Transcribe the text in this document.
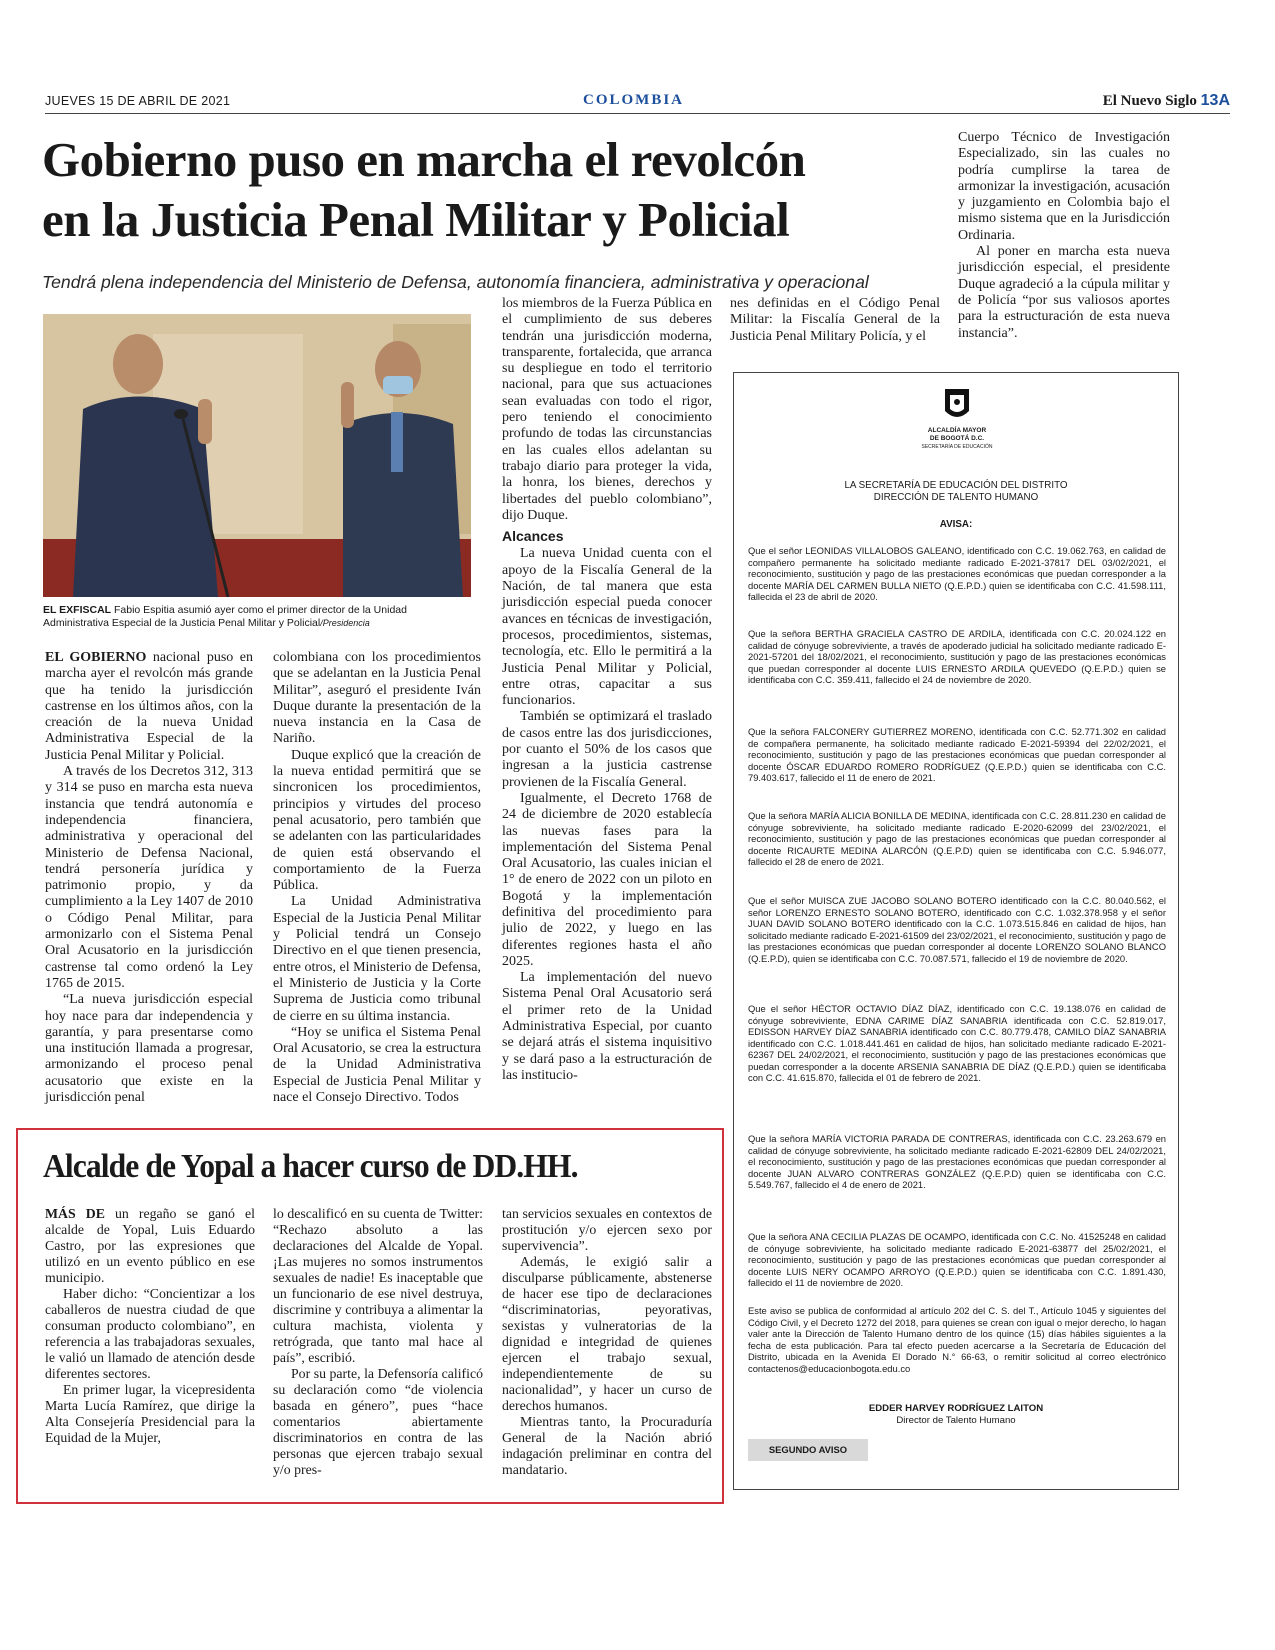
JUEVES 15 DE ABRIL DE 2021	COLOMBIA	El Nuevo Siglo 13A
Gobierno puso en marcha el revolcón
en la Justicia Penal Militar y Policial
Tendrá plena independencia del Ministerio de Defensa, autonomía financiera, administrativa y operacional
EL EXFISCAL Fabio Espitia asumió ayer como el primer director de la Unidad Administrativa Especial de la Justicia Penal Militar y Policial/Presidencia

EL GOBIERNO nacional puso en marcha ayer el revolcón más grande que ha tenido la jurisdicción castrense en los últimos años, con la creación de la nueva Unidad Administrativa Especial de la Justicia Penal Militar y Policial.

A través de los Decretos 312, 313 y 314 se puso en marcha esta nueva instancia que tendrá autonomía e independencia financiera, administrativa y operacional del Ministerio de Defensa Nacional, tendrá personería jurídica y patrimonio propio, y da cumplimiento a la Ley 1407 de 2010 o Código Penal Militar, para armonizarlo con el Sistema Penal Oral Acusatorio en la jurisdicción castrense tal como ordenó la Ley 1765 de 2015.

“La nueva jurisdicción especial hoy nace para dar independencia y garantía, y para presentarse como una institución llamada a progresar, armonizando el proceso penal acusatorio que existe en la jurisdicción penal

colombiana con los procedimientos que se adelantan en la Justicia Penal Militar”, aseguró el presidente Iván Duque durante la presentación de la nueva instancia en la Casa de Nariño.

Duque explicó que la creación de la nueva entidad permitirá que se sincronicen los procedimientos, principios y virtudes del proceso penal acusatorio, pero también que se adelanten con las particularidades de quien está observando el comportamiento de la Fuerza Pública.

La Unidad Administrativa Especial de la Justicia Penal Militar y Policial tendrá un Consejo Directivo en el que tienen presencia, entre otros, el Ministerio de Defensa, el Ministerio de Justicia y la Corte Suprema de Justicia como tribunal de cierre en su última instancia.

“Hoy se unifica el Sistema Penal Oral Acusatorio, se crea la estructura de la Unidad Administrativa Especial de Justicia Penal Militar y nace el Consejo Directivo. Todos

los miembros de la Fuerza Pública en el cumplimiento de sus deberes tendrán una jurisdicción moderna, transparente, fortalecida, que arranca su despliegue en todo el territorio nacional, para que sus actuaciones sean evaluadas con todo el rigor, pero teniendo el conocimiento profundo de todas las circunstancias en las cuales ellos adelantan su trabajo diario para proteger la vida, la honra, los bienes, derechos y libertades del pueblo colombiano”, dijo Duque.

Alcances

La nueva Unidad cuenta con el apoyo de la Fiscalía General de la Nación, de tal manera que esta jurisdicción especial pueda conocer avances en técnicas de investigación, procesos, procedimientos, sistemas, tecnología, etc. Ello le permitirá a la Justicia Penal Militar y Policial, entre otras, capacitar a sus funcionarios.

También se optimizará el traslado de casos entre las dos jurisdicciones, por cuanto el 50% de los casos que ingresan a la justicia castrense provienen de la Fiscalía General.

Igualmente, el Decreto 1768 de 24 de diciembre de 2020 establecía las nuevas fases para la implementación del Sistema Penal Oral Acusatorio, las cuales inician el 1° de enero de 2022 con un piloto en Bogotá y la implementación definitiva del procedimiento para julio de 2022, y luego en las diferentes regiones hasta el año 2025.

La implementación del nuevo Sistema Penal Oral Acusatorio será el primer reto de la Unidad Administrativa Especial, por cuanto se dejará atrás el sistema inquisitivo y se dará paso a la estructuración de las institucio-

nes definidas en el Código Penal Militar: la Fiscalía General de la Justicia Penal Military Policía, y el

Cuerpo Técnico de Investigación Especializado, sin las cuales no podría cumplirse la tarea de armonizar la investigación, acusación y juzgamiento en Colombia bajo el mismo sistema que en la Jurisdicción Ordinaria.

Al poner en marcha esta nueva jurisdicción especial, el presidente Duque agradeció a la cúpula militar y de Policía “por sus valiosos aportes para la estructuración de esta nueva instancia”.

ALCALDÍA MAYOR
DE BOGOTÁ D.C.
SECRETARÍA DE EDUCACIÓN
LA SECRETARÍA DE EDUCACIÓN DEL DISTRITO
DIRECCIÓN DE TALENTO HUMANO
AVISA:
Que el señor LEONIDAS VILLALOBOS GALEANO, identificado con C.C. 19.062.763, en calidad de compañero permanente ha solicitado mediante radicado E-2021-37817 DEL 03/02/2021, el reconocimiento, sustitución y pago de las prestaciones económicas que puedan corresponder a la docente MARÍA DEL CARMEN BULLA NIETO (Q.E.P.D.) quien se identificaba con C.C. 41.598.111, fallecida el 23 de abril de 2020.
Que la señora BERTHA GRACIELA CASTRO DE ARDILA, identificada con C.C. 20.024.122 en calidad de cónyuge sobreviviente, a través de apoderado judicial ha solicitado mediante radicado E-2021-57201 del 18/02/2021, el reconocimiento, sustitución y pago de las prestaciones económicas que puedan corresponder al docente LUIS ERNESTO ARDILA QUEVEDO (Q.E.P.D.) quien se identificaba con C.C. 359.411, fallecido el 24 de noviembre de 2020.
Que la señora FALCONERY GUTIERREZ MORENO, identificada con C.C. 52.771.302 en calidad de compañera permanente, ha solicitado mediante radicado E-2021-59394 del 22/02/2021, el reconocimiento, sustitución y pago de las prestaciones económicas que puedan corresponder al docente ÓSCAR EDUARDO ROMERO RODRÍGUEZ (Q.E.P.D.) quien se identificaba con C.C. 79.403.617, fallecido el 11 de enero de 2021.
Que la señora MARÍA ALICIA BONILLA DE MEDINA, identificada con C.C. 28.811.230 en calidad de cónyuge sobreviviente, ha solicitado mediante radicado E-2020-62099 del 23/02/2021, el reconocimiento, sustitución y pago de las prestaciones económicas que puedan corresponder al docente RICAURTE MEDINA ALARCÓN (Q.E.P.D) quien se identificaba con C.C. 5.946.077, fallecido el 28 de enero de 2021.
Que el señor MUISCA ZUE JACOBO SOLANO BOTERO identificado con la C.C. 80.040.562, el señor LORENZO ERNESTO SOLANO BOTERO, identificado con C.C. 1.032.378.958 y el señor JUAN DAVID SOLANO BOTERO identificado con la C.C. 1.073.515.846 en calidad de hijos, han solicitado mediante radicado E-2021-61509 del 23/02/2021, el reconocimiento, sustitución y pago de las prestaciones económicas que puedan corresponder al docente LORENZO SOLANO BLANCO (Q.E.P.D), quien se identificaba con C.C. 70.087.571, fallecido el 19 de noviembre de 2020.
Que el señor HÉCTOR OCTAVIO DÍAZ DÍAZ, identificado con C.C. 19.138.076 en calidad de cónyuge sobreviviente, EDNA CARIME DÍAZ SANABRIA identificada con C.C. 52.819.017, EDISSON HARVEY DÍAZ SANABRIA identificado con C.C. 80.779.478, CAMILO DÍAZ SANABRIA identificado con C.C. 1.018.441.461 en calidad de hijos, han solicitado mediante radicado E-2021-62367 DEL 24/02/2021, el reconocimiento, sustitución y pago de las prestaciones económicas que puedan corresponder a la docente ARSENIA SANABRIA DE DÍAZ (Q.E.P.D.) quien se identificaba con C.C. 41.615.870, fallecida el 01 de febrero de 2021.
Que la señora MARÍA VICTORIA PARADA DE CONTRERAS, identificada con C.C. 23.263.679 en calidad de cónyuge sobreviviente, ha solicitado mediante radicado E-2021-62809 DEL 24/02/2021, el reconocimiento, sustitución y pago de las prestaciones económicas que puedan corresponder al docente JUAN ALVARO CONTRERAS GONZÁLEZ (Q.E.P.D) quien se identificaba con C.C. 5.549.767, fallecido el 4 de enero de 2021.
Que la señora ANA CECILIA PLAZAS DE OCAMPO, identificada con C.C. No. 41525248 en calidad de cónyuge sobreviviente, ha solicitado mediante radicado E-2021-63877 del 25/02/2021, el reconocimiento, sustitución y pago de las prestaciones económicas que puedan corresponder al docente LUIS NERY OCAMPO ARROYO (Q.E.P.D.) quien se identificaba con C.C. 1.891.430, fallecido el 11 de noviembre de 2020.
Este aviso se publica de conformidad al artículo 202 del C. S. del T., Artículo 1045 y siguientes del Código Civil, y el Decreto 1272 del 2018, para quienes se crean con igual o mejor derecho, lo hagan valer ante la Dirección de Talento Humano dentro de los quince (15) días hábiles siguientes a la fecha de esta publicación. Para tal efecto pueden acercarse a la Secretaría de Educación del Distrito, ubicada en la Avenida El Dorado N.° 66-63, o remitir solicitud al correo electrónico contactenos@educacionbogota.edu.co
EDDER HARVEY RODRÍGUEZ LAITON
Director de Talento Humano
SEGUNDO AVISO
Alcalde de Yopal a hacer curso de DD.HH.

MÁS DE un regaño se ganó el alcalde de Yopal, Luis Eduardo Castro, por las expresiones que utilizó en un evento público en ese municipio.

Haber dicho: “Concientizar a los caballeros de nuestra ciudad de que consuman producto colombiano”, en referencia a las trabajadoras sexuales, le valió un llamado de atención desde diferentes sectores.

En primer lugar, la vicepresidenta Marta Lucía Ramírez, que dirige la Alta Consejería Presidencial para la Equidad de la Mujer,

lo descalificó en su cuenta de Twitter: “Rechazo absoluto a las declaraciones del Alcalde de Yopal. ¡Las mujeres no somos instrumentos sexuales de nadie! Es inaceptable que un funcionario de ese nivel destruya, discrimine y contribuya a alimentar la cultura machista, violenta y retrógrada, que tanto mal hace al país”, escribió.

Por su parte, la Defensoría calificó su declaración como “de violencia basada en género”, pues “hace comentarios abiertamente discriminatorios en contra de las personas que ejercen trabajo sexual y/o pres-

tan servicios sexuales en contextos de prostitución y/o ejercen sexo por supervivencia”.

Además, le exigió salir a disculparse públicamente, abstenerse de hacer ese tipo de declaraciones “discriminatorias, peyorativas, sexistas y vulneratorias de la dignidad e integridad de quienes ejercen el trabajo sexual, independientemente de su nacionalidad”, y hacer un curso de derechos humanos.

Mientras tanto, la Procuraduría General de la Nación abrió indagación preliminar en contra del mandatario.
